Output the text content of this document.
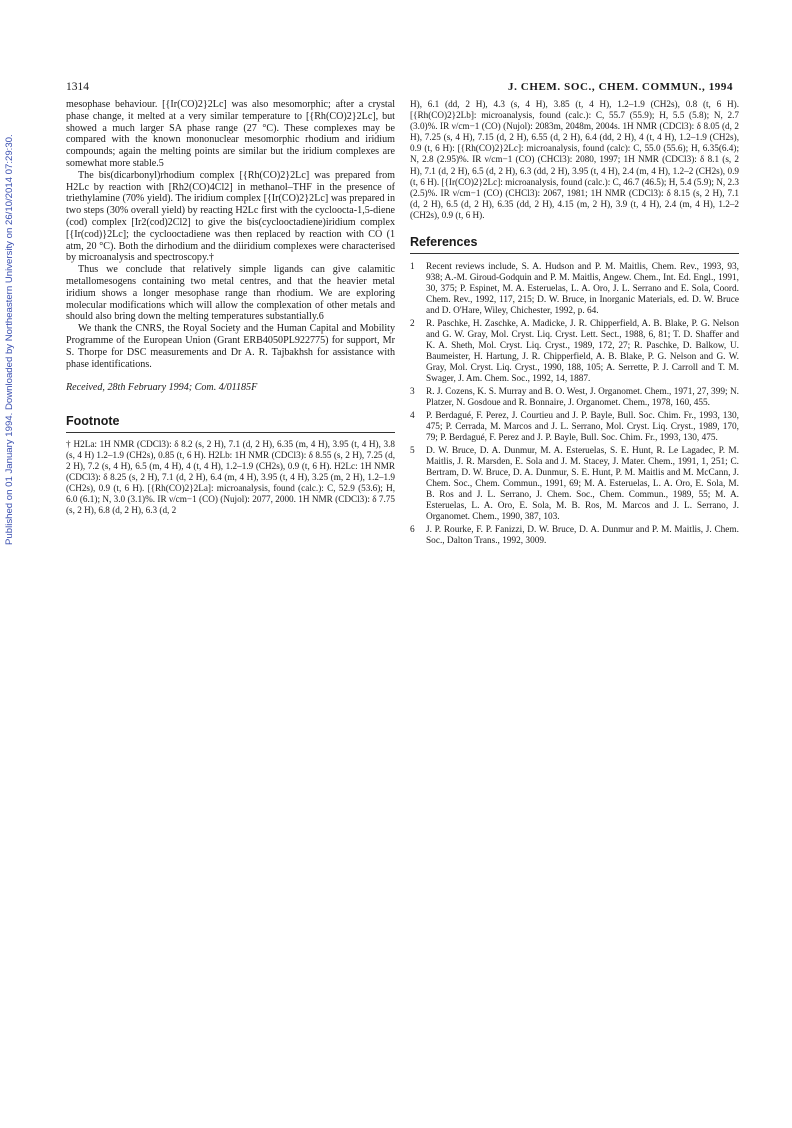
Published on 01 January 1994. Downloaded by Northeastern University on 26/10/2014 07:29:30.
1314	J. CHEM. SOC., CHEM. COMMUN., 1994

mesophase behaviour. [{Ir(CO)2}2Lc] was also mesomorphic; after a crystal phase change, it melted at a very similar temperature to [{Rh(CO)2}2Lc], but showed a much larger SA phase range (27 °C). These complexes may be compared with the known mononuclear mesomorphic rhodium and iridium compounds; again the melting points are similar but the iridium complexes are somewhat more stable.5

The bis(dicarbonyl)rhodium complex [{Rh(CO)2}2Lc] was prepared from H2Lc by reaction with [Rh2(CO)4Cl2] in methanol–THF in the presence of triethylamine (70% yield). The iridium complex [{Ir(CO)2}2Lc] was prepared in two steps (30% overall yield) by reacting H2Lc first with the cycloocta-1,5-diene (cod) complex [Ir2(cod)2Cl2] to give the bis(cyclooctadiene)iridium complex [{Ir(cod)}2Lc]; the cyclooctadiene was then replaced by reaction with CO (1 atm, 20 °C). Both the dirhodium and the diiridium complexes were characterised by microanalysis and spectroscopy.†

Thus we conclude that relatively simple ligands can give calamitic metallomesogens containing two metal centres, and that the heavier metal iridium shows a longer mesophase range than rhodium. We are exploring molecular modifications which will allow the complexation of other metals and should also bring down the melting temperatures substantially.6

We thank the CNRS, the Royal Society and the Human Capital and Mobility Programme of the European Union (Grant ERB4050PL922775) for support, Mr S. Thorpe for DSC measurements and Dr A. R. Tajbakhsh for assistance with phase identifications.

Received, 28th February 1994; Com. 4/01185F

Footnote

† H2La: 1H NMR (CDCl3): δ 8.2 (s, 2 H), 7.1 (d, 2 H), 6.35 (m, 4 H), 3.95 (t, 4 H), 3.8 (s, 4 H) 1.2–1.9 (CH2s), 0.85 (t, 6 H). H2Lb: 1H NMR (CDCl3): δ 8.55 (s, 2 H), 7.25 (d, 2 H), 7.2 (s, 4 H), 6.5 (m, 4 H), 4 (t, 4 H), 1.2–1.9 (CH2s), 0.9 (t, 6 H). H2Lc: 1H NMR (CDCl3): δ 8.25 (s, 2 H), 7.1 (d, 2 H), 6.4 (m, 4 H), 3.95 (t, 4 H), 3.25 (m, 2 H), 1.2–1.9 (CH2s), 0.9 (t, 6 H). [{Rh(CO)2}2La]: microanalysis, found (calc.): C, 52.9 (53.6); H, 6.0 (6.1); N, 3.0 (3.1)%. IR ν/cm−1 (CO) (Nujol): 2077, 2000. 1H NMR (CDCl3): δ 7.75 (s, 2 H), 6.8 (d, 2 H), 6.3 (d, 2

H), 6.1 (dd, 2 H), 4.3 (s, 4 H), 3.85 (t, 4 H), 1.2–1.9 (CH2s), 0.8 (t, 6 H). [{Rh(CO)2}2Lb]: microanalysis, found (calc.): C, 55.7 (55.9); H, 5.5 (5.8); N, 2.7 (3.0)%. IR ν/cm−1 (CO) (Nujol): 2083m, 2048m, 2004s. 1H NMR (CDCl3): δ 8.05 (d, 2 H), 7.25 (s, 4 H), 7.15 (d, 2 H), 6.55 (d, 2 H), 6.4 (dd, 2 H), 4 (t, 4 H), 1.2–1.9 (CH2s), 0.9 (t, 6 H): [{Rh(CO)2}2Lc]: microanalysis, found (calc): C, 55.0 (55.6); H, 6.35(6.4); N, 2.8 (2.95)%. IR ν/cm−1 (CO) (CHCl3): 2080, 1997; 1H NMR (CDCl3): δ 8.1 (s, 2 H), 7.1 (d, 2 H), 6.5 (d, 2 H), 6.3 (dd, 2 H), 3.95 (t, 4 H), 2.4 (m, 4 H), 1.2–2 (CH2s), 0.9 (t, 6 H). [{Ir(CO)2}2Lc]: microanalysis, found (calc.): C, 46.7 (46.5); H, 5.4 (5.9); N, 2.3 (2.5)%. IR ν/cm−1 (CO) (CHCl3): 2067, 1981; 1H NMR (CDCl3): δ 8.15 (s, 2 H), 7.1 (d, 2 H), 6.5 (d, 2 H), 6.35 (dd, 2 H), 4.15 (m, 2 H), 3.9 (t, 4 H), 2.4 (m, 4 H), 1.2–2 (CH2s), 0.9 (t, 6 H).

References
1 Recent reviews include, S. A. Hudson and P. M. Maitlis, Chem. Rev., 1993, 93, 938; A.-M. Giroud-Godquin and P. M. Maitlis, Angew. Chem., Int. Ed. Engl., 1991, 30, 375; P. Espinet, M. A. Esteruelas, L. A. Oro, J. L. Serrano and E. Sola, Coord. Chem. Rev., 1992, 117, 215; D. W. Bruce, in Inorganic Materials, ed. D. W. Bruce and D. O'Hare, Wiley, Chichester, 1992, p. 64.
2 R. Paschke, H. Zaschke, A. Madicke, J. R. Chipperfield, A. B. Blake, P. G. Nelson and G. W. Gray, Mol. Cryst. Liq. Cryst. Lett. Sect., 1988, 6, 81; T. D. Shaffer and K. A. Sheth, Mol. Cryst. Liq. Cryst., 1989, 172, 27; R. Paschke, D. Balkow, U. Baumeister, H. Hartung, J. R. Chipperfield, A. B. Blake, P. G. Nelson and G. W. Gray, Mol. Cryst. Liq. Cryst., 1990, 188, 105; A. Serrette, P. J. Carroll and T. M. Swager, J. Am. Chem. Soc., 1992, 14, 1887.
3 R. J. Cozens, K. S. Murray and B. O. West, J. Organomet. Chem., 1971, 27, 399; N. Platzer, N. Gosdoue and R. Bonnaire, J. Organomet. Chem., 1978, 160, 455.
4 P. Berdagué, F. Perez, J. Courtieu and J. P. Bayle, Bull. Soc. Chim. Fr., 1993, 130, 475; P. Cerrada, M. Marcos and J. L. Serrano, Mol. Cryst. Liq. Cryst., 1989, 170, 79; P. Berdagué, F. Perez and J. P. Bayle, Bull. Soc. Chim. Fr., 1993, 130, 475.
5 D. W. Bruce, D. A. Dunmur, M. A. Esteruelas, S. E. Hunt, R. Le Lagadec, P. M. Maitlis, J. R. Marsden, E. Sola and J. M. Stacey, J. Mater. Chem., 1991, 1, 251; C. Bertram, D. W. Bruce, D. A. Dunmur, S. E. Hunt, P. M. Maitlis and M. McCann, J. Chem. Soc., Chem. Commun., 1991, 69; M. A. Esteruelas, L. A. Oro, E. Sola, M. B. Ros and J. L. Serrano, J. Chem. Soc., Chem. Commun., 1989, 55; M. A. Esteruelas, L. A. Oro, E. Sola, M. B. Ros, M. Marcos and J. L. Serrano, J. Organomet. Chem., 1990, 387, 103.
6 J. P. Rourke, F. P. Fanizzi, D. W. Bruce, D. A. Dunmur and P. M. Maitlis, J. Chem. Soc., Dalton Trans., 1992, 3009.
